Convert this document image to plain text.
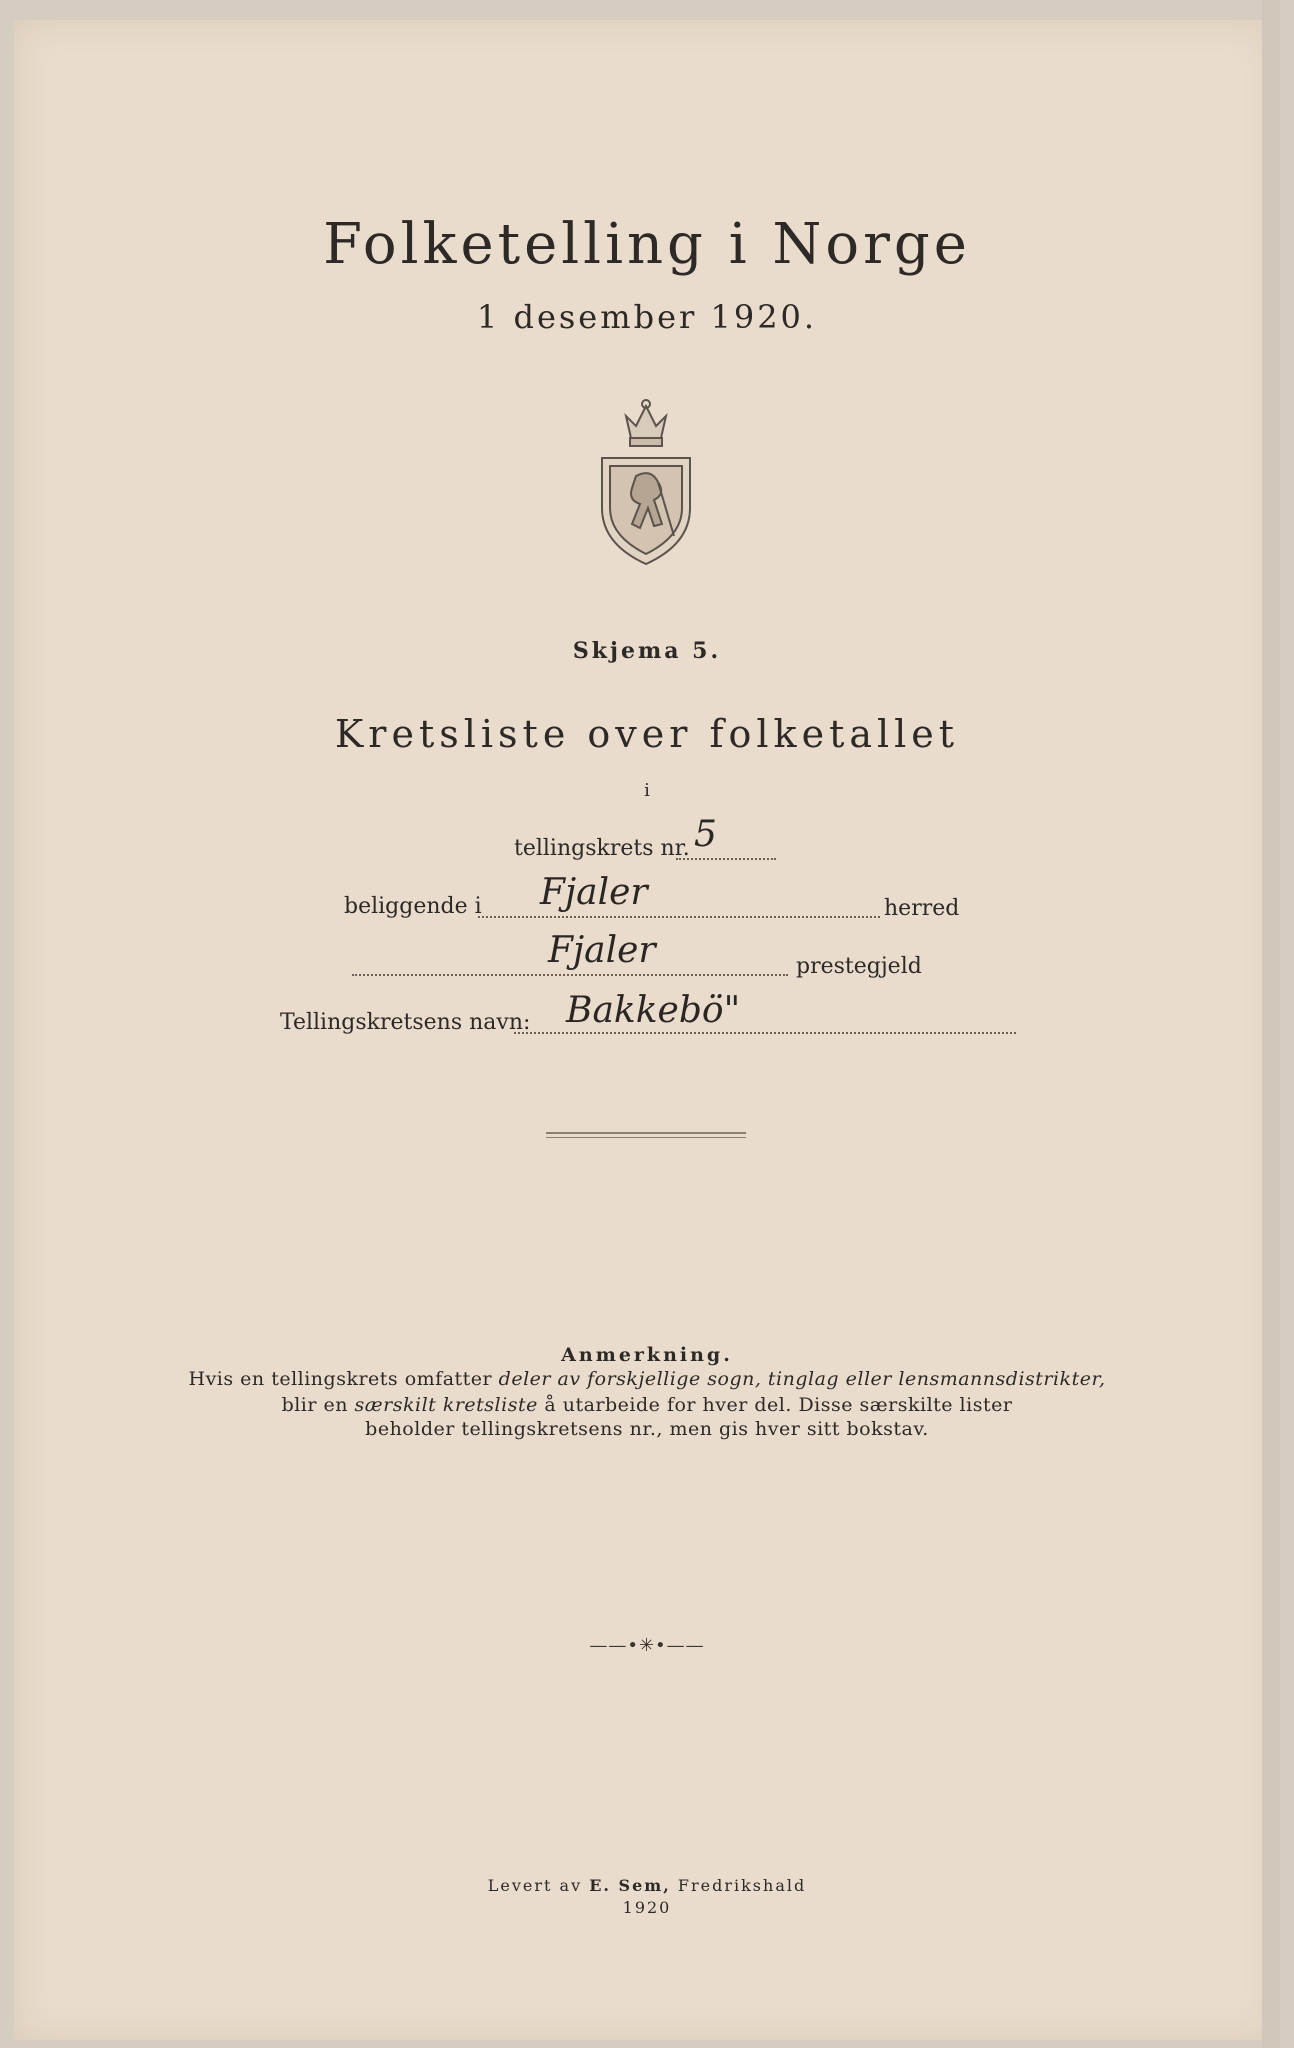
Folketelling i Norge
1 desember 1920.
Skjema 5.
Kretsliste over folketallet
i
tellingskrets nr. 5
beliggende i Fjaler	herred
Fjaler	prestegjeld
Tellingskretsens navn: Bakkebö"
Anmerkning.
Hvis en tellingskrets omfatter deler av forskjellige sogn, tinglag eller lensmannsdistrikter,
blir en særskilt kretsliste å utarbeide for hver del. Disse særskilte lister
beholder tellingskretsens nr., men gis hver sitt bokstav.
——•✳•——
Levert av E. Sem, Fredrikshald
1920
